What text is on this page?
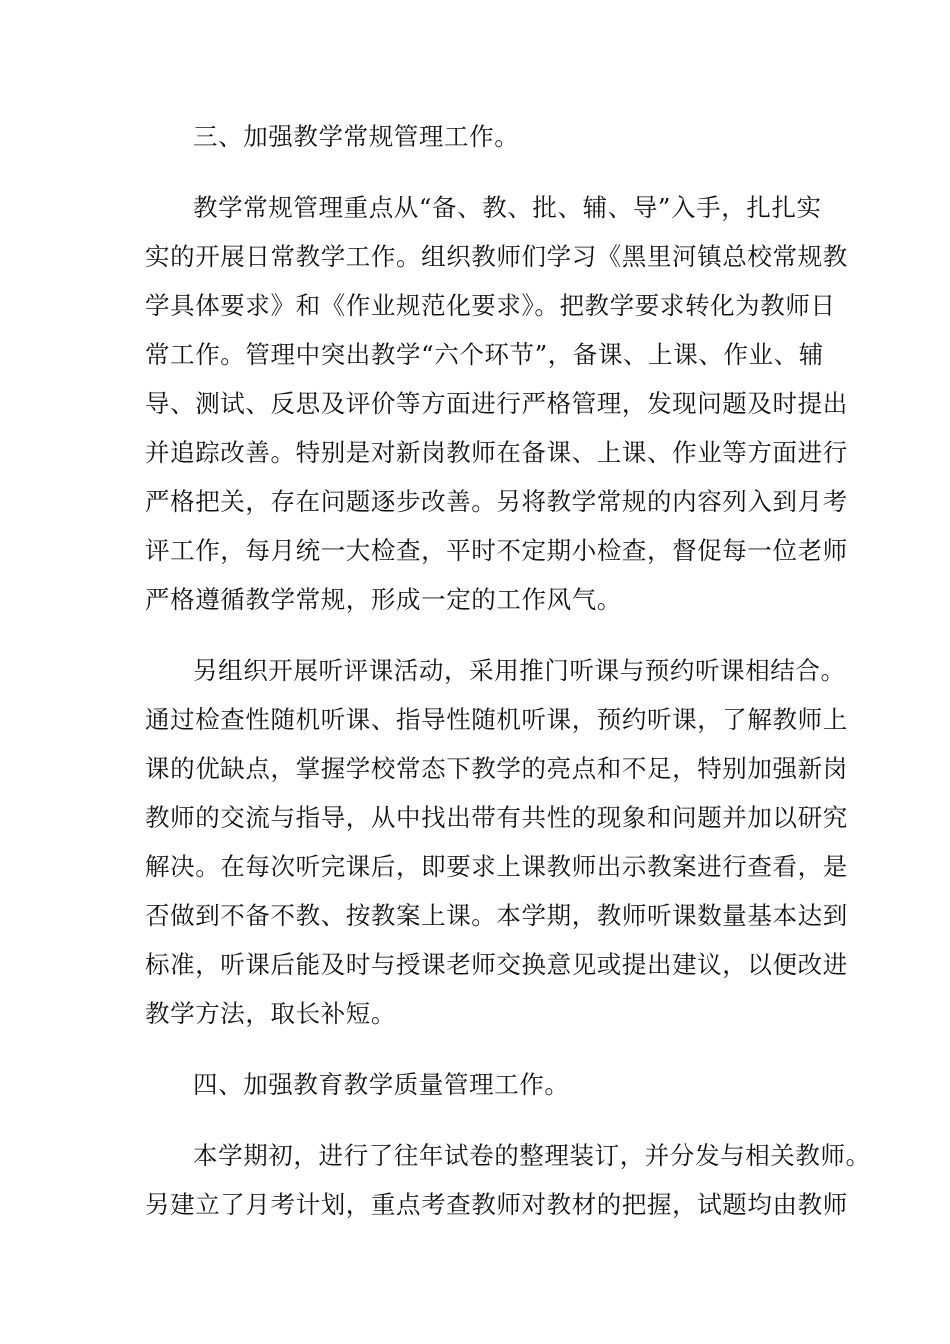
三、加强教学常规管理工作。
教学常规管理重点从“备、教、批、辅、导”入手，扎扎实
实的开展日常教学工作。组织教师们学习《黑里河镇总校常规教
学具体要求》和《作业规范化要求》。把教学要求转化为教师日
常工作。管理中突出教学“六个环节”，备课、上课、作业、辅
导、测试、反思及评价等方面进行严格管理，发现问题及时提出
并追踪改善。特别是对新岗教师在备课、上课、作业等方面进行
严格把关，存在问题逐步改善。另将教学常规的内容列入到月考
评工作，每月统一大检查，平时不定期小检查，督促每一位老师
严格遵循教学常规，形成一定的工作风气。
另组织开展听评课活动，采用推门听课与预约听课相结合。
通过检查性随机听课、指导性随机听课，预约听课，了解教师上
课的优缺点，掌握学校常态下教学的亮点和不足，特别加强新岗
教师的交流与指导，从中找出带有共性的现象和问题并加以研究
解决。在每次听完课后，即要求上课教师出示教案进行查看，是
否做到不备不教、按教案上课。本学期，教师听课数量基本达到
标准，听课后能及时与授课老师交换意见或提出建议，以便改进
教学方法，取长补短。
四、加强教育教学质量管理工作。
本学期初，进行了往年试卷的整理装订，并分发与相关教师。
另建立了月考计划，重点考查教师对教材的把握，试题均由教师
